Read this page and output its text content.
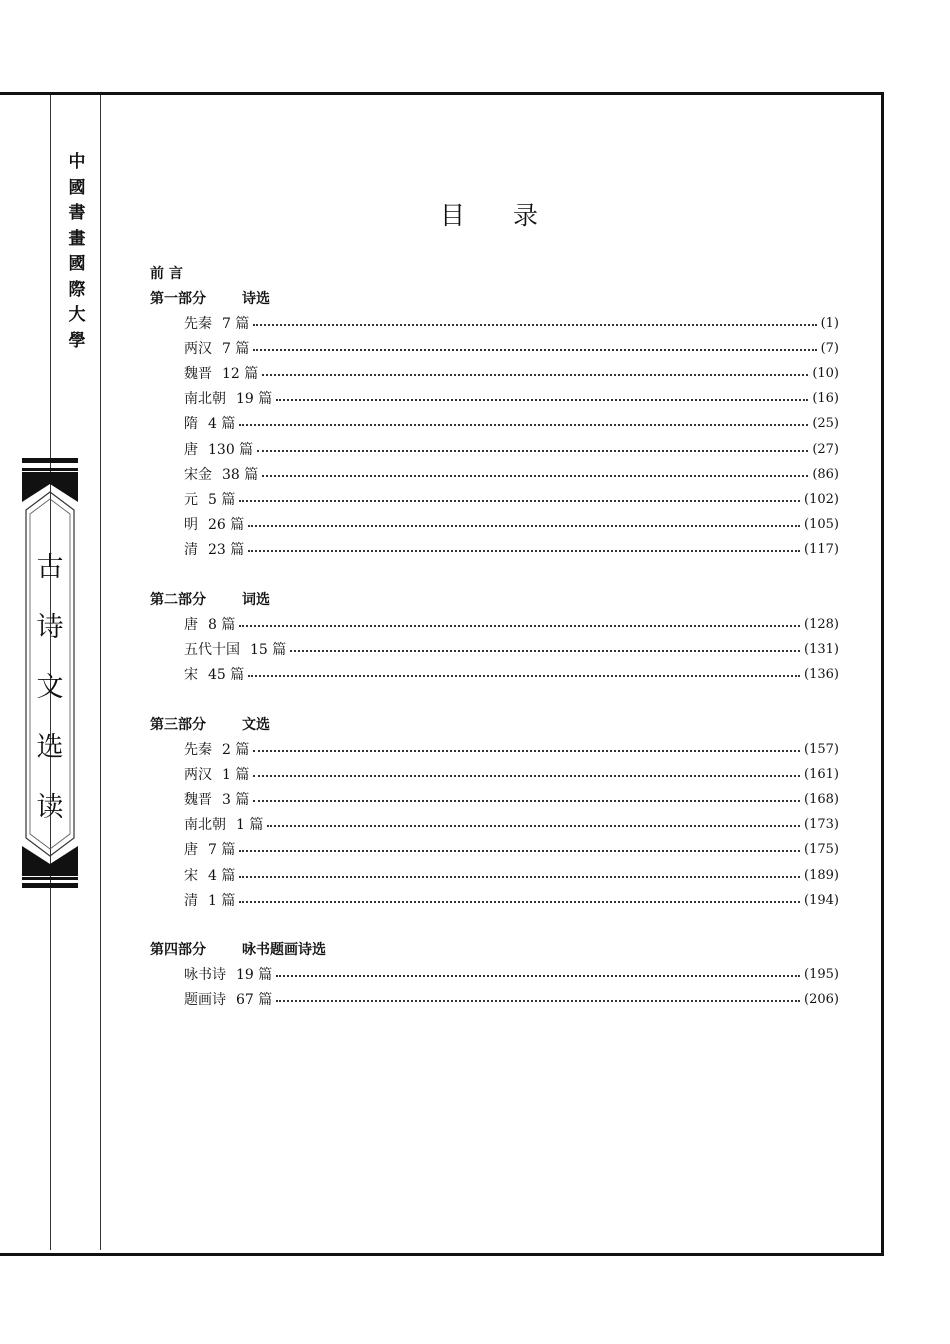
中
國
書
畫
國
際
大
學
古
诗
文
选
读
目录
前 言
第一部分	诗选
先秦 7 篇	(1)
两汉 7 篇	(7)
魏晋 12 篇	(10)
南北朝 19 篇	(16)
隋 4 篇	(25)
唐 130 篇	(27)
宋金 38 篇	(86)
元 5 篇	(102)
明 26 篇	(105)
清 23 篇	(117)
第二部分	词选
唐 8 篇	(128)
五代十国 15 篇	(131)
宋 45 篇	(136)
第三部分	文选
先秦 2 篇	(157)
两汉 1 篇	(161)
魏晋 3 篇	(168)
南北朝 1 篇	(173)
唐 7 篇	(175)
宋 4 篇	(189)
清 1 篇	(194)
第四部分	咏书题画诗选
咏书诗 19 篇	(195)
题画诗 67 篇	(206)
